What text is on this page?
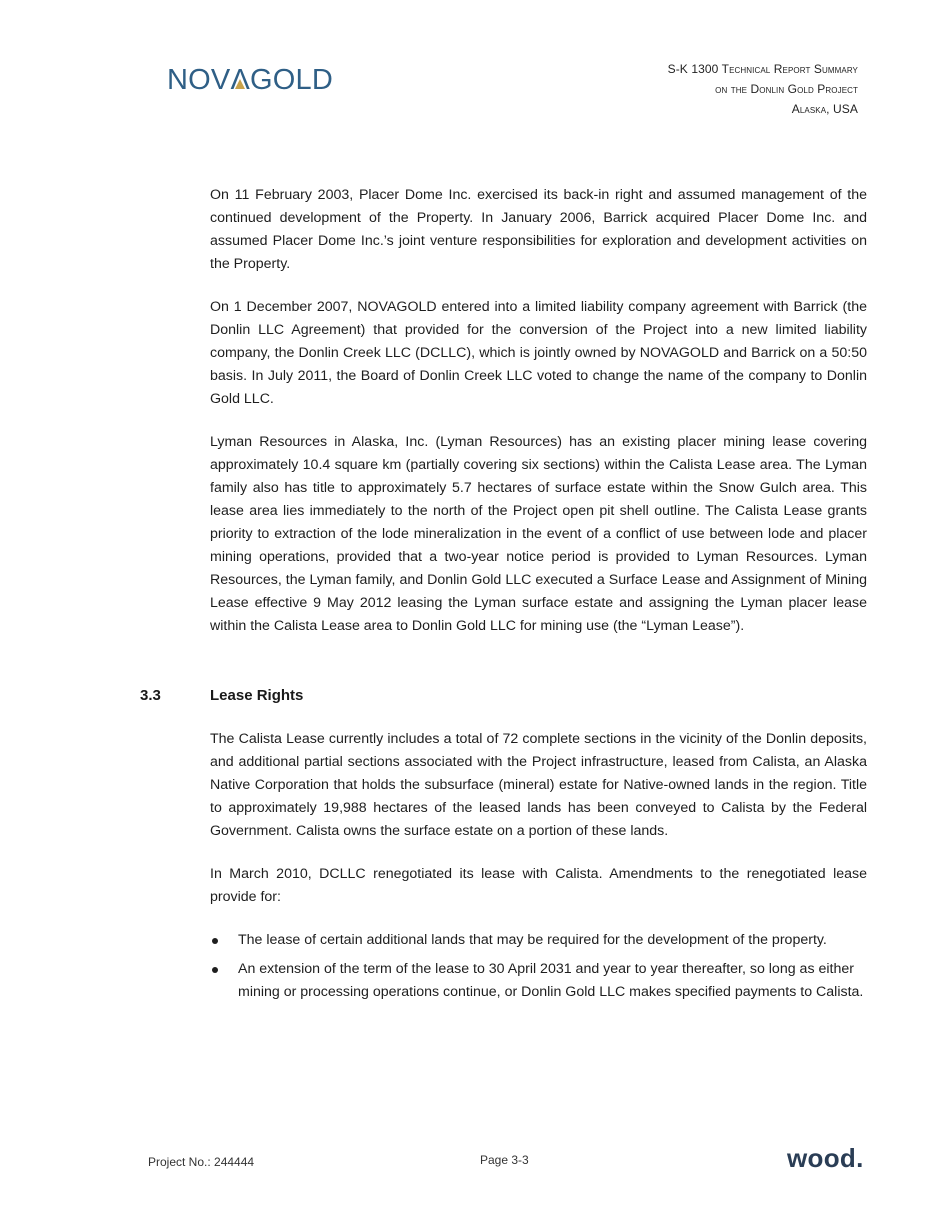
NOVΛ
GOLD	S-K 1300 Technical Report Summary
on the Donlin Gold Project
Alaska, USA

On 11 February 2003, Placer Dome Inc. exercised its back-in right and assumed management of the continued development of the Property. In January 2006, Barrick acquired Placer Dome Inc. and assumed Placer Dome Inc.’s joint venture responsibilities for exploration and development activities on the Property.

On 1 December 2007, NOVAGOLD entered into a limited liability company agreement with Barrick (the Donlin LLC Agreement) that provided for the conversion of the Project into a new limited liability company, the Donlin Creek LLC (DCLLC), which is jointly owned by NOVAGOLD and Barrick on a 50:50 basis. In July 2011, the Board of Donlin Creek LLC voted to change the name of the company to Donlin Gold LLC.

Lyman Resources in Alaska, Inc. (Lyman Resources) has an existing placer mining lease covering approximately 10.4 square km (partially covering six sections) within the Calista Lease area. The Lyman family also has title to approximately 5.7 hectares of surface estate within the Snow Gulch area. This lease area lies immediately to the north of the Project open pit shell outline. The Calista Lease grants priority to extraction of the lode mineralization in the event of a conflict of use between lode and placer mining operations, provided that a two-year notice period is provided to Lyman Resources. Lyman Resources, the Lyman family, and Donlin Gold LLC executed a Surface Lease and Assignment of Mining Lease effective 9 May 2012 leasing the Lyman surface estate and assigning the Lyman placer lease within the Calista Lease area to Donlin Gold LLC for mining use (the “Lyman Lease”).

3.3	Lease Rights

The Calista Lease currently includes a total of 72 complete sections in the vicinity of the Donlin deposits, and additional partial sections associated with the Project infrastructure, leased from Calista, an Alaska Native Corporation that holds the subsurface (mineral) estate for Native-owned lands in the region. Title to approximately 19,988 hectares of the leased lands has been conveyed to Calista by the Federal Government. Calista owns the surface estate on a portion of these lands.

In March 2010, DCLLC renegotiated its lease with Calista. Amendments to the renegotiated lease provide for:

The lease of certain additional lands that may be required for the development of the property.
An extension of the term of the lease to 30 April 2031 and year to year thereafter, so long as either mining or processing operations continue, or Donlin Gold LLC makes specified payments to Calista.
Project No.: 244444	Page 3-3	wood.
